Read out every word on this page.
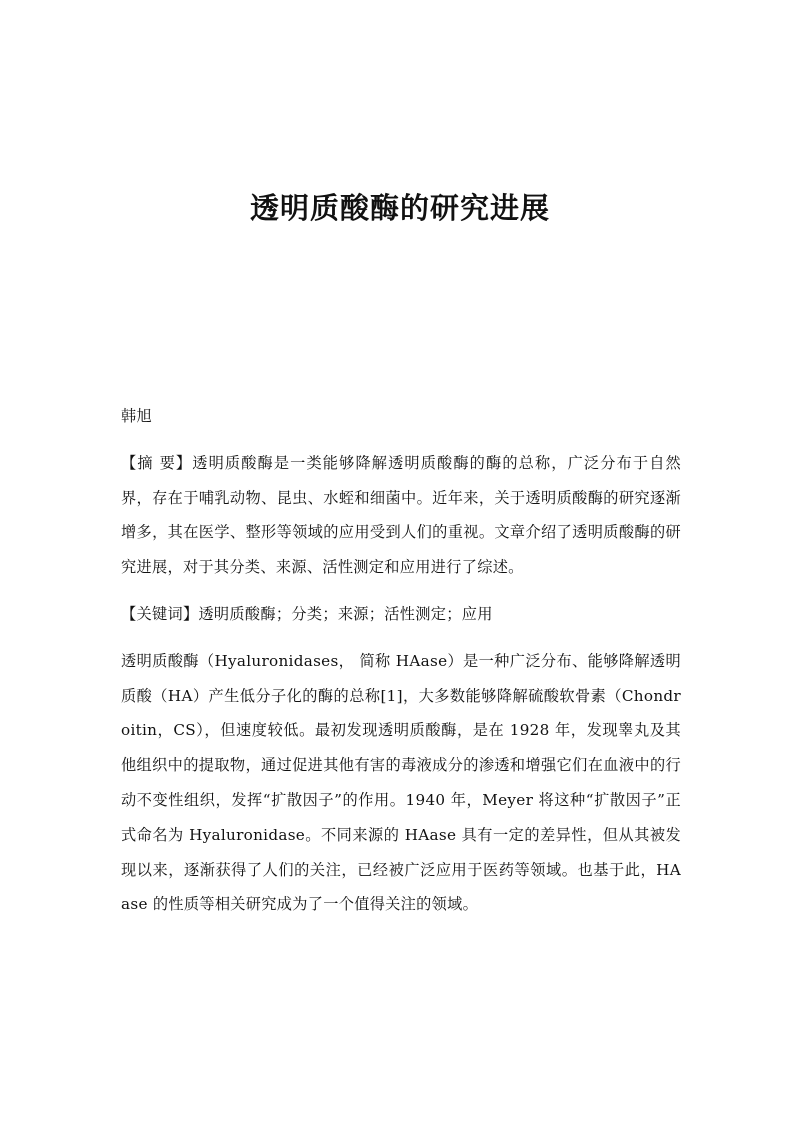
透明质酸酶的研究进展
韩旭

【摘 要】透明质酸酶是一类能够降解透明质酸酶的酶的总称，广泛分布于自然界，存在于哺乳动物、昆虫、水蛭和细菌中。近年来，关于透明质酸酶的研究逐渐增多，其在医学、整形等领域的应用受到人们的重视。文章介绍了透明质酸酶的研究进展，对于其分类、来源、活性测定和应用进行了综述。

【关键词】透明质酸酶；分类；来源；活性测定；应用

透明质酸酶（Hyaluronidases， 简称 HAase）是一种广泛分布、能够降解透明质酸（HA）产生低分子化的酶的总称[1]，大多数能够降解硫酸软骨素（Chondroitin，CS），但速度较低。最初发现透明质酸酶，是在 1928 年，发现睾丸及其他组织中的提取物，通过促进其他有害的毒液成分的渗透和增强它们在血液中的行动不变性组织，发挥“扩散因子”的作用。1940 年，Meyer 将这种“扩散因子”正式命名为 Hyaluronidase。不同来源的 HAase 具有一定的差异性，但从其被发现以来，逐渐获得了人们的关注，已经被广泛应用于医药等领域。也基于此，HAase 的性质等相关研究成为了一个值得关注的领域。
